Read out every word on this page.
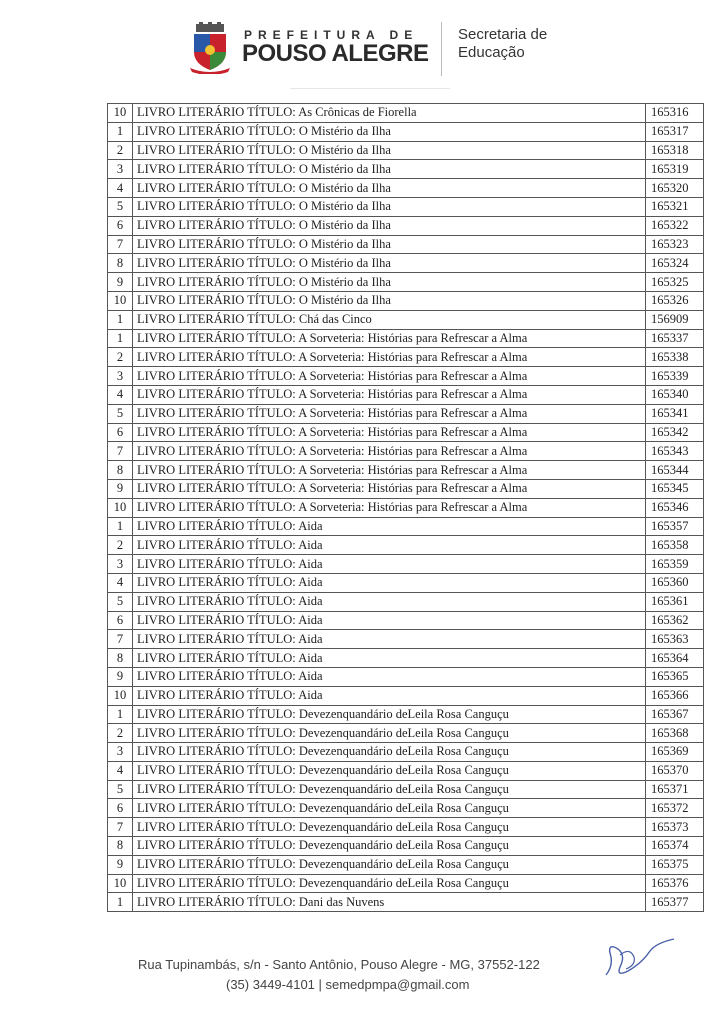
PREFEITURA DE
POUSO ALEGRE
Secretaria de
Educação
10	LIVRO LITERÁRIO TÍTULO: As Crônicas de Fiorella	165316
1	LIVRO LITERÁRIO TÍTULO: O Mistério da Ilha	165317
2	LIVRO LITERÁRIO TÍTULO: O Mistério da Ilha	165318
3	LIVRO LITERÁRIO TÍTULO: O Mistério da Ilha	165319
4	LIVRO LITERÁRIO TÍTULO: O Mistério da Ilha	165320
5	LIVRO LITERÁRIO TÍTULO: O Mistério da Ilha	165321
6	LIVRO LITERÁRIO TÍTULO: O Mistério da Ilha	165322
7	LIVRO LITERÁRIO TÍTULO: O Mistério da Ilha	165323
8	LIVRO LITERÁRIO TÍTULO: O Mistério da Ilha	165324
9	LIVRO LITERÁRIO TÍTULO: O Mistério da Ilha	165325
10	LIVRO LITERÁRIO TÍTULO: O Mistério da Ilha	165326
1	LIVRO LITERÁRIO TÍTULO: Chá das Cinco	156909
1	LIVRO LITERÁRIO TÍTULO: A Sorveteria: Histórias para Refrescar a Alma	165337
2	LIVRO LITERÁRIO TÍTULO: A Sorveteria: Histórias para Refrescar a Alma	165338
3	LIVRO LITERÁRIO TÍTULO: A Sorveteria: Histórias para Refrescar a Alma	165339
4	LIVRO LITERÁRIO TÍTULO: A Sorveteria: Histórias para Refrescar a Alma	165340
5	LIVRO LITERÁRIO TÍTULO: A Sorveteria: Histórias para Refrescar a Alma	165341
6	LIVRO LITERÁRIO TÍTULO: A Sorveteria: Histórias para Refrescar a Alma	165342
7	LIVRO LITERÁRIO TÍTULO: A Sorveteria: Histórias para Refrescar a Alma	165343
8	LIVRO LITERÁRIO TÍTULO: A Sorveteria: Histórias para Refrescar a Alma	165344
9	LIVRO LITERÁRIO TÍTULO: A Sorveteria: Histórias para Refrescar a Alma	165345
10	LIVRO LITERÁRIO TÍTULO: A Sorveteria: Histórias para Refrescar a Alma	165346
1	LIVRO LITERÁRIO TÍTULO: Aida	165357
2	LIVRO LITERÁRIO TÍTULO: Aida	165358
3	LIVRO LITERÁRIO TÍTULO: Aida	165359
4	LIVRO LITERÁRIO TÍTULO: Aida	165360
5	LIVRO LITERÁRIO TÍTULO: Aida	165361
6	LIVRO LITERÁRIO TÍTULO: Aida	165362
7	LIVRO LITERÁRIO TÍTULO: Aida	165363
8	LIVRO LITERÁRIO TÍTULO: Aida	165364
9	LIVRO LITERÁRIO TÍTULO: Aida	165365
10	LIVRO LITERÁRIO TÍTULO: Aida	165366
1	LIVRO LITERÁRIO TÍTULO: Devezenquandário deLeila Rosa Canguçu	165367
2	LIVRO LITERÁRIO TÍTULO: Devezenquandário deLeila Rosa Canguçu	165368
3	LIVRO LITERÁRIO TÍTULO: Devezenquandário deLeila Rosa Canguçu	165369
4	LIVRO LITERÁRIO TÍTULO: Devezenquandário deLeila Rosa Canguçu	165370
5	LIVRO LITERÁRIO TÍTULO: Devezenquandário deLeila Rosa Canguçu	165371
6	LIVRO LITERÁRIO TÍTULO: Devezenquandário deLeila Rosa Canguçu	165372
7	LIVRO LITERÁRIO TÍTULO: Devezenquandário deLeila Rosa Canguçu	165373
8	LIVRO LITERÁRIO TÍTULO: Devezenquandário deLeila Rosa Canguçu	165374
9	LIVRO LITERÁRIO TÍTULO: Devezenquandário deLeila Rosa Canguçu	165375
10	LIVRO LITERÁRIO TÍTULO: Devezenquandário deLeila Rosa Canguçu	165376
1	LIVRO LITERÁRIO TÍTULO: Dani das Nuvens	165377
Rua Tupinambás, s/n - Santo Antônio, Pouso Alegre - MG, 37552-122
(35) 3449-4101 | semedpmpa@gmail.com
